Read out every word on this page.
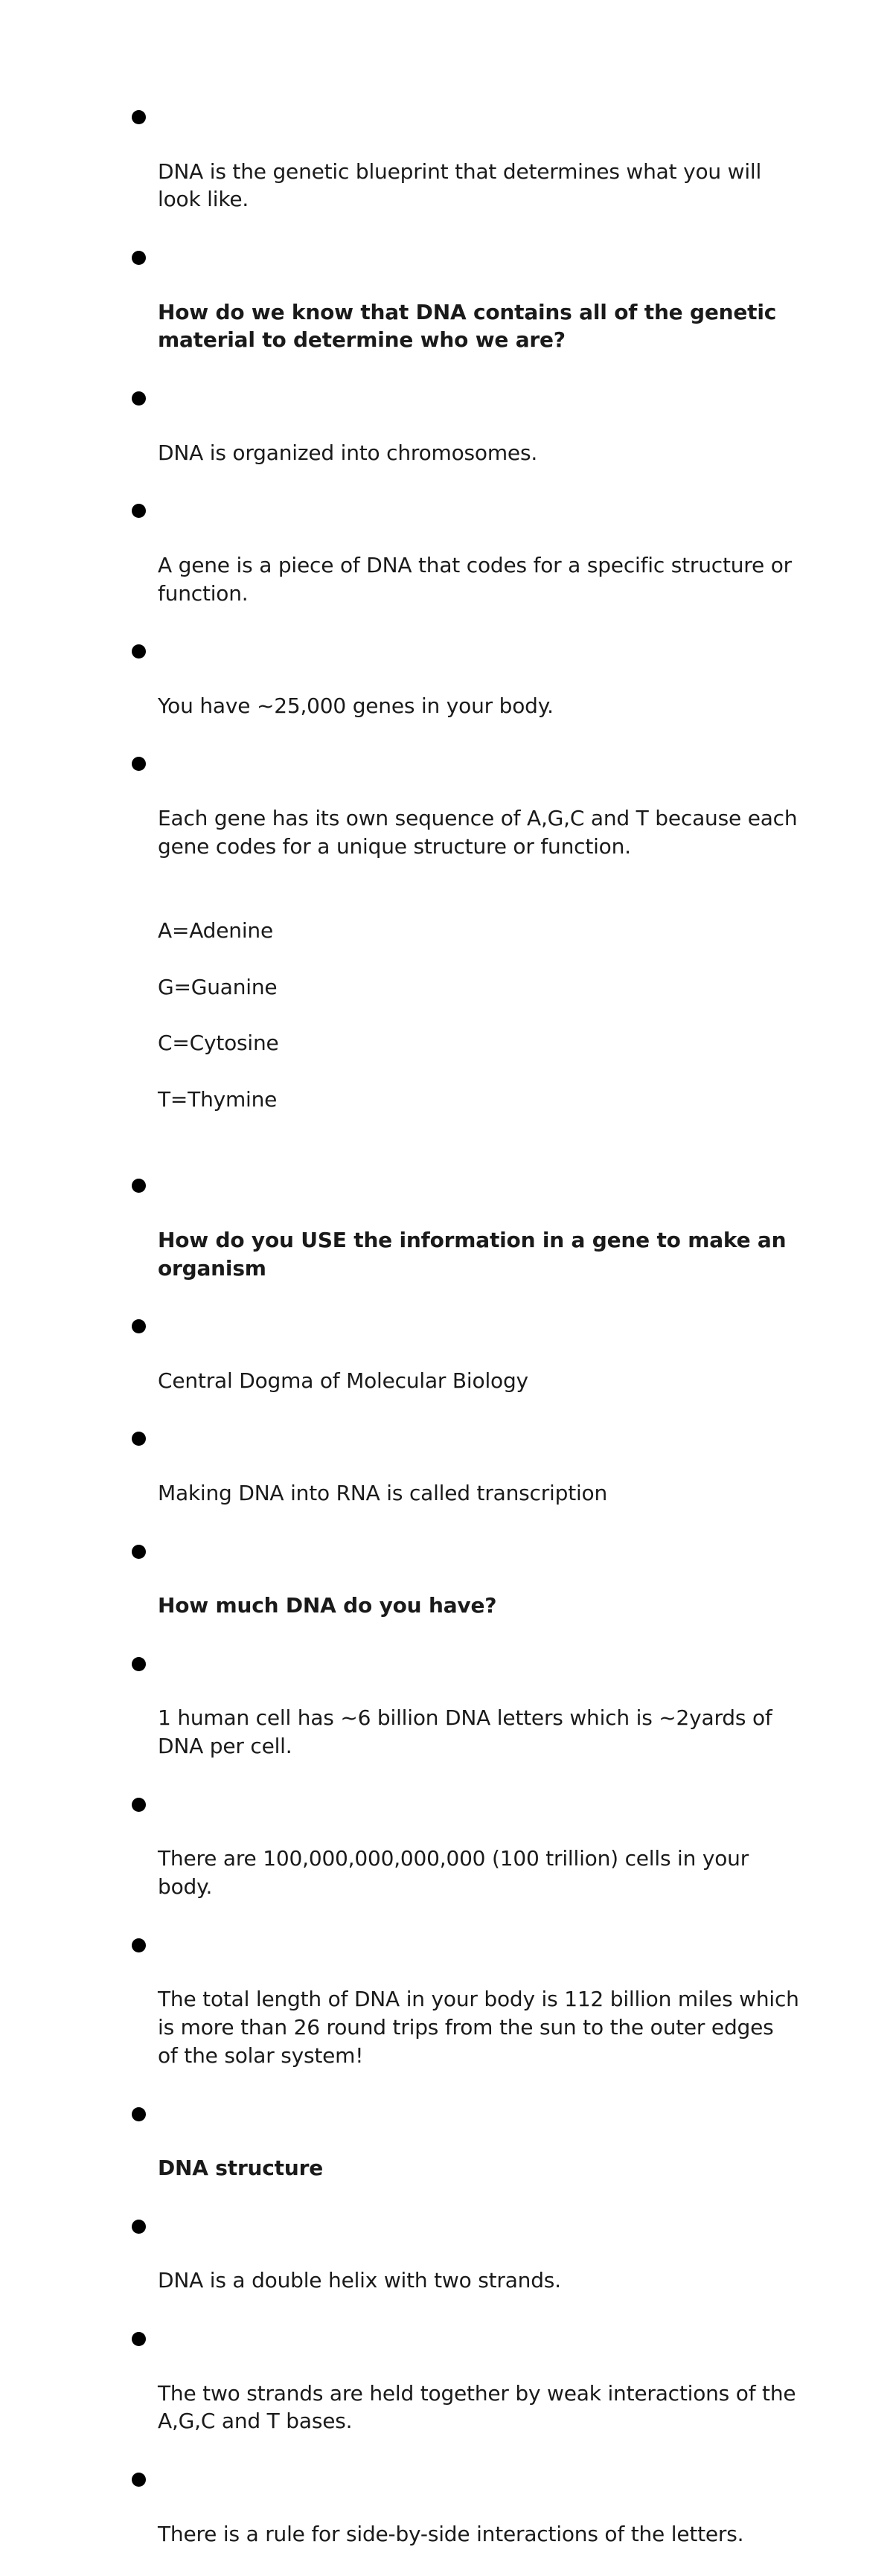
DNA is the genetic blueprint that determines what you will look like.

How do we know that DNA contains all of the genetic material to determine who we are?

DNA is organized into chromosomes.

A gene is a piece of DNA that codes for a specific structure or function.

You have ~25,000 genes in your body.

Each gene has its own sequence of A,G,C and T because each gene codes for a unique structure or function.

A=Adenine

G=Guanine

C=Cytosine

T=Thymine

How do you USE the information in a gene to make an organism

Central Dogma of Molecular Biology

Making DNA into RNA is called transcription

How much DNA do you have?

1 human cell has ~6 billion DNA letters which is ~2yards of DNA per cell.

There are 100,000,000,000,000 (100 trillion) cells in your body.

The total length of DNA in your body is 112 billion miles which is more than 26 round trips from the sun to the outer edges of the solar system!

DNA structure

DNA is a double helix with two strands.

The two strands are held together by weak interactions of the A,G,C and T bases.

There is a rule for side-by-side interactions of the letters.
